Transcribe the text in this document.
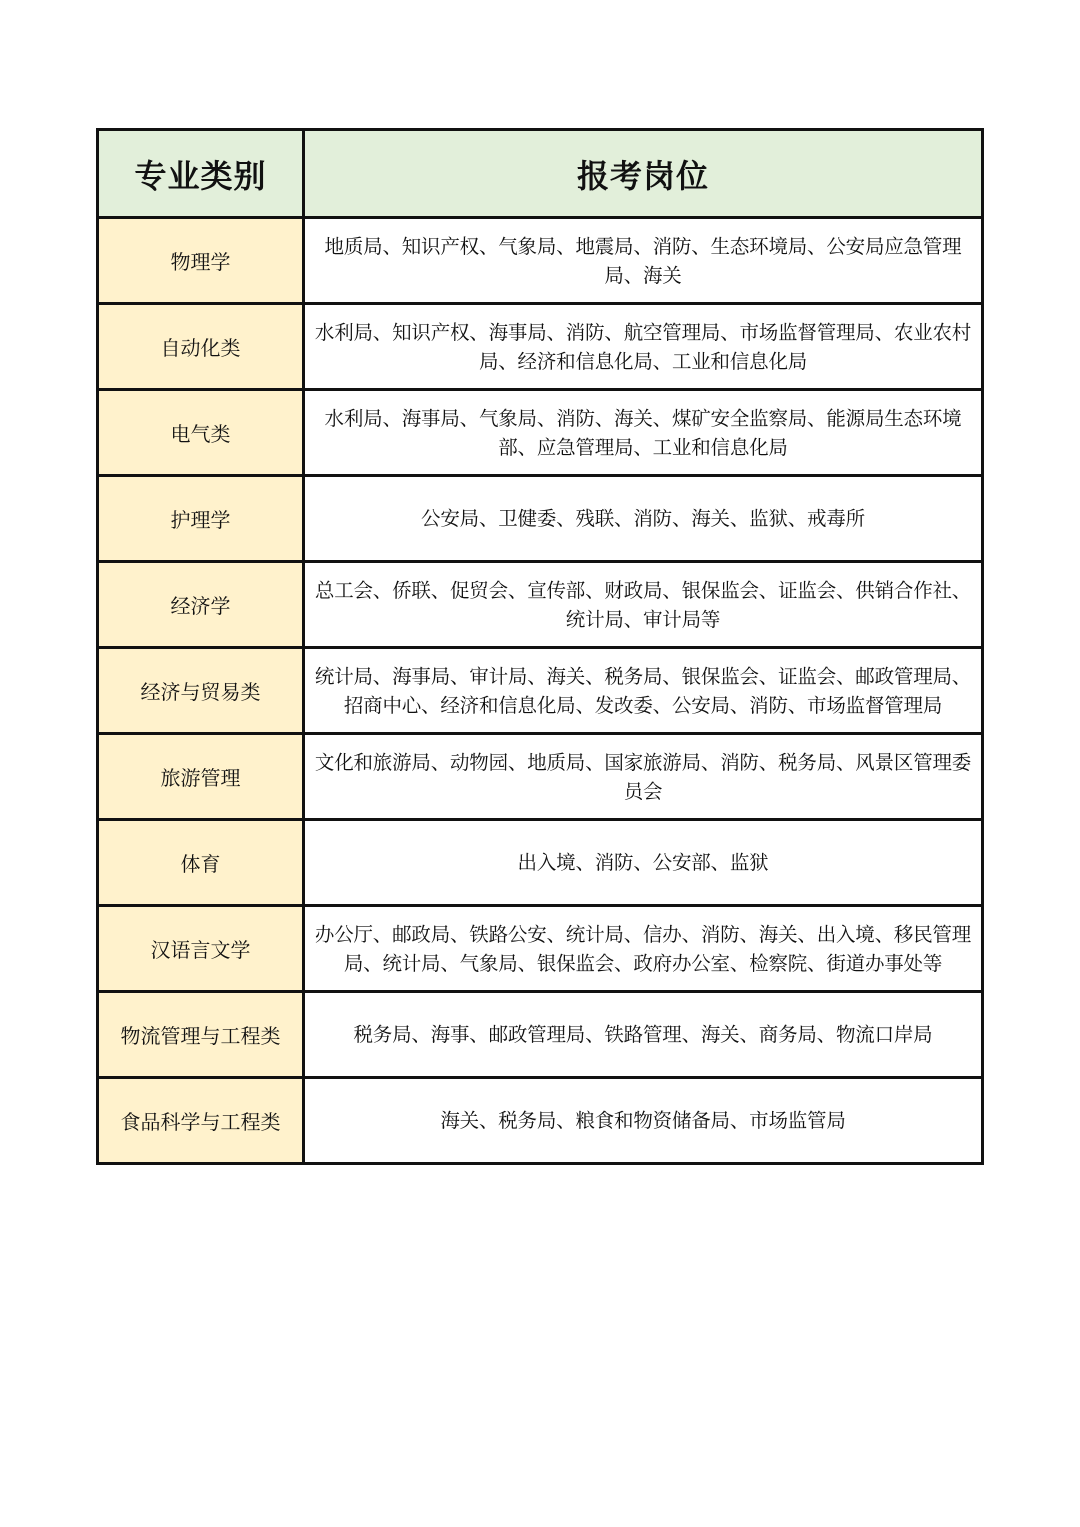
专业类别	报考岗位
物理学	地质局、知识产权、气象局、地震局、消防、生态环境局、公安局应急管理局、海关
自动化类	水利局、知识产权、海事局、消防、航空管理局、市场监督管理局、农业农村局、经济和信息化局、工业和信息化局
电气类	水利局、海事局、气象局、消防、海关、煤矿安全监察局、能源局生态环境部、应急管理局、工业和信息化局
护理学	公安局、卫健委、残联、消防、海关、监狱、戒毒所
经济学	总工会、侨联、促贸会、宣传部、财政局、银保监会、证监会、供销合作社、统计局、审计局等
经济与贸易类	统计局、海事局、审计局、海关、税务局、银保监会、证监会、邮政管理局、招商中心、经济和信息化局、发改委、公安局、消防、市场监督管理局
旅游管理	文化和旅游局、动物园、地质局、国家旅游局、消防、税务局、风景区管理委员会
体育	出入境、消防、公安部、监狱
汉语言文学	办公厅、邮政局、铁路公安、统计局、信办、消防、海关、出入境、移民管理局、统计局、气象局、银保监会、政府办公室、检察院、街道办事处等
物流管理与工程类	税务局、海事、邮政管理局、铁路管理、海关、商务局、物流口岸局
食品科学与工程类	海关、税务局、粮食和物资储备局、市场监管局
